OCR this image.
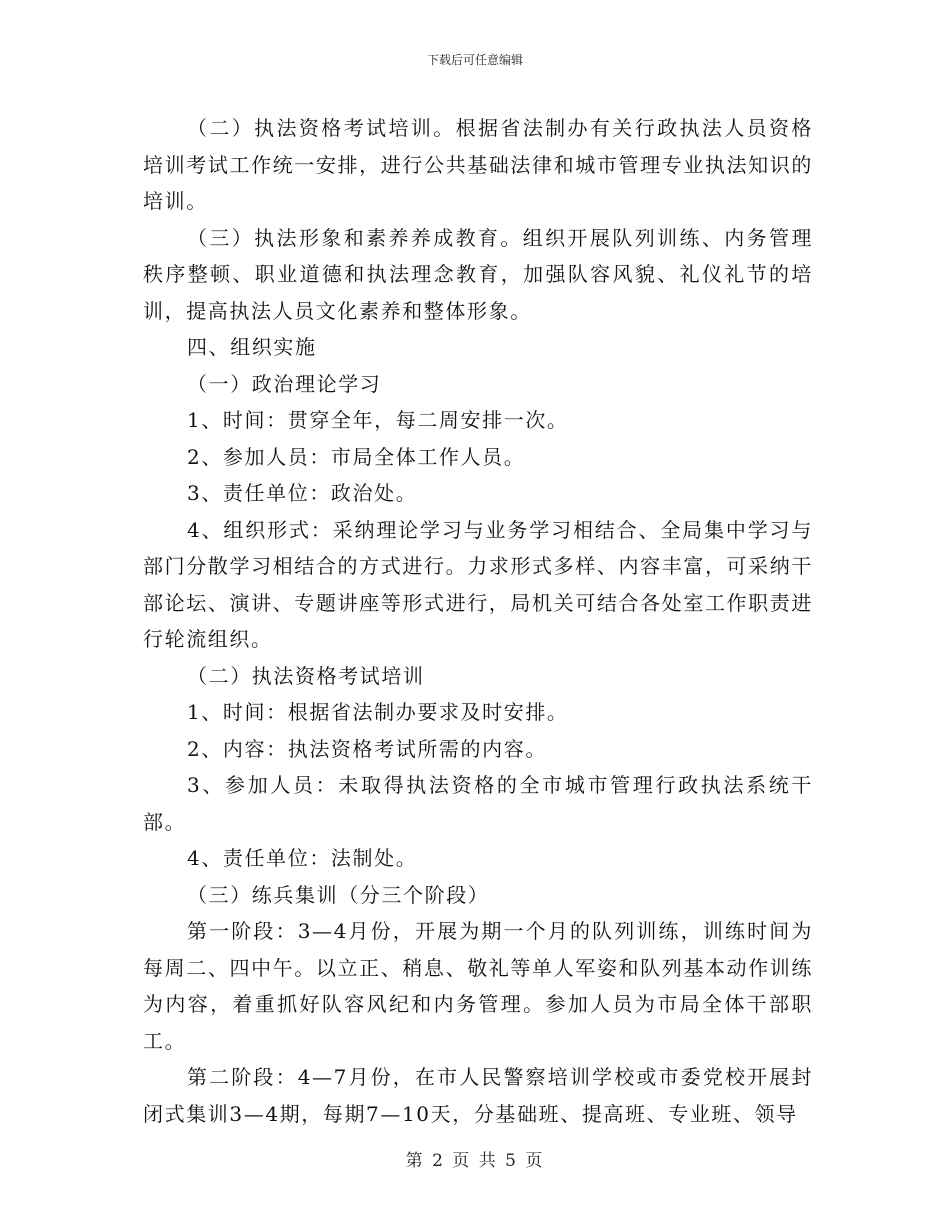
下载后可任意编辑

（二）执法资格考试培训。根据省法制办有关行政执法人员资格培训考试工作统一安排，进行公共基础法律和城市管理专业执法知识的培训。

（三）执法形象和素养养成教育。组织开展队列训练、内务管理秩序整顿、职业道德和执法理念教育，加强队容风貌、礼仪礼节的培训，提高执法人员文化素养和整体形象。

四、组织实施

（一）政治理论学习

1、时间：贯穿全年，每二周安排一次。

2、参加人员：市局全体工作人员。

3、责任单位：政治处。

4、组织形式：采纳理论学习与业务学习相结合、全局集中学习与部门分散学习相结合的方式进行。力求形式多样、内容丰富，可采纳干部论坛、演讲、专题讲座等形式进行，局机关可结合各处室工作职责进行轮流组织。

（二）执法资格考试培训

1、时间：根据省法制办要求及时安排。

2、内容：执法资格考试所需的内容。

3、参加人员：未取得执法资格的全市城市管理行政执法系统干部。

4、责任单位：法制处。

（三）练兵集训（分三个阶段）

第一阶段：3—4月份，开展为期一个月的队列训练，训练时间为每周二、四中午。以立正、稍息、敬礼等单人军姿和队列基本动作训练为内容，着重抓好队容风纪和内务管理。参加人员为市局全体干部职工。

第二阶段：4—7月份，在市人民警察培训学校或市委党校开展封闭式集训3—4期，每期7—10天，分基础班、提高班、专业班、领导

第 2 页 共 5 页
